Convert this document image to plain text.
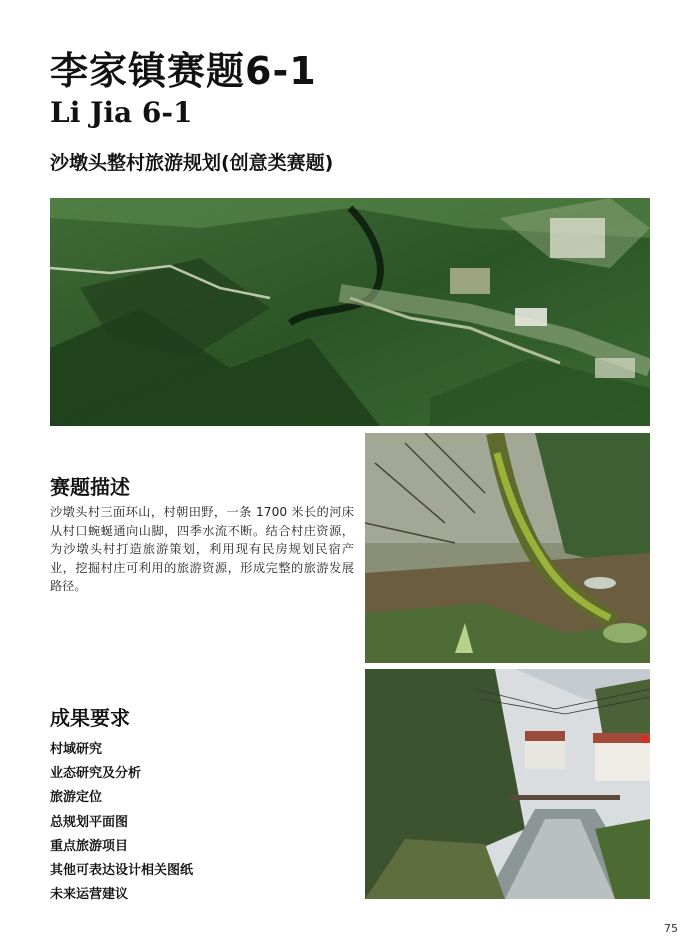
李家镇赛题6-1
Li Jia 6-1
沙墩头整村旅游规划(创意类赛题)
赛题描述
沙墩头村三面环山，村朝田野，一条 1700 米长的河床从村口蜿蜒通向山脚，四季水流不断。结合村庄资源，为沙墩头村打造旅游策划，利用现有民房规划民宿产业，挖掘村庄可利用的旅游资源，形成完整的旅游发展路径。
成果要求
村域研究
业态研究及分析
旅游定位
总规划平面图
重点旅游项目
其他可表达设计相关图纸
未来运营建议
75
